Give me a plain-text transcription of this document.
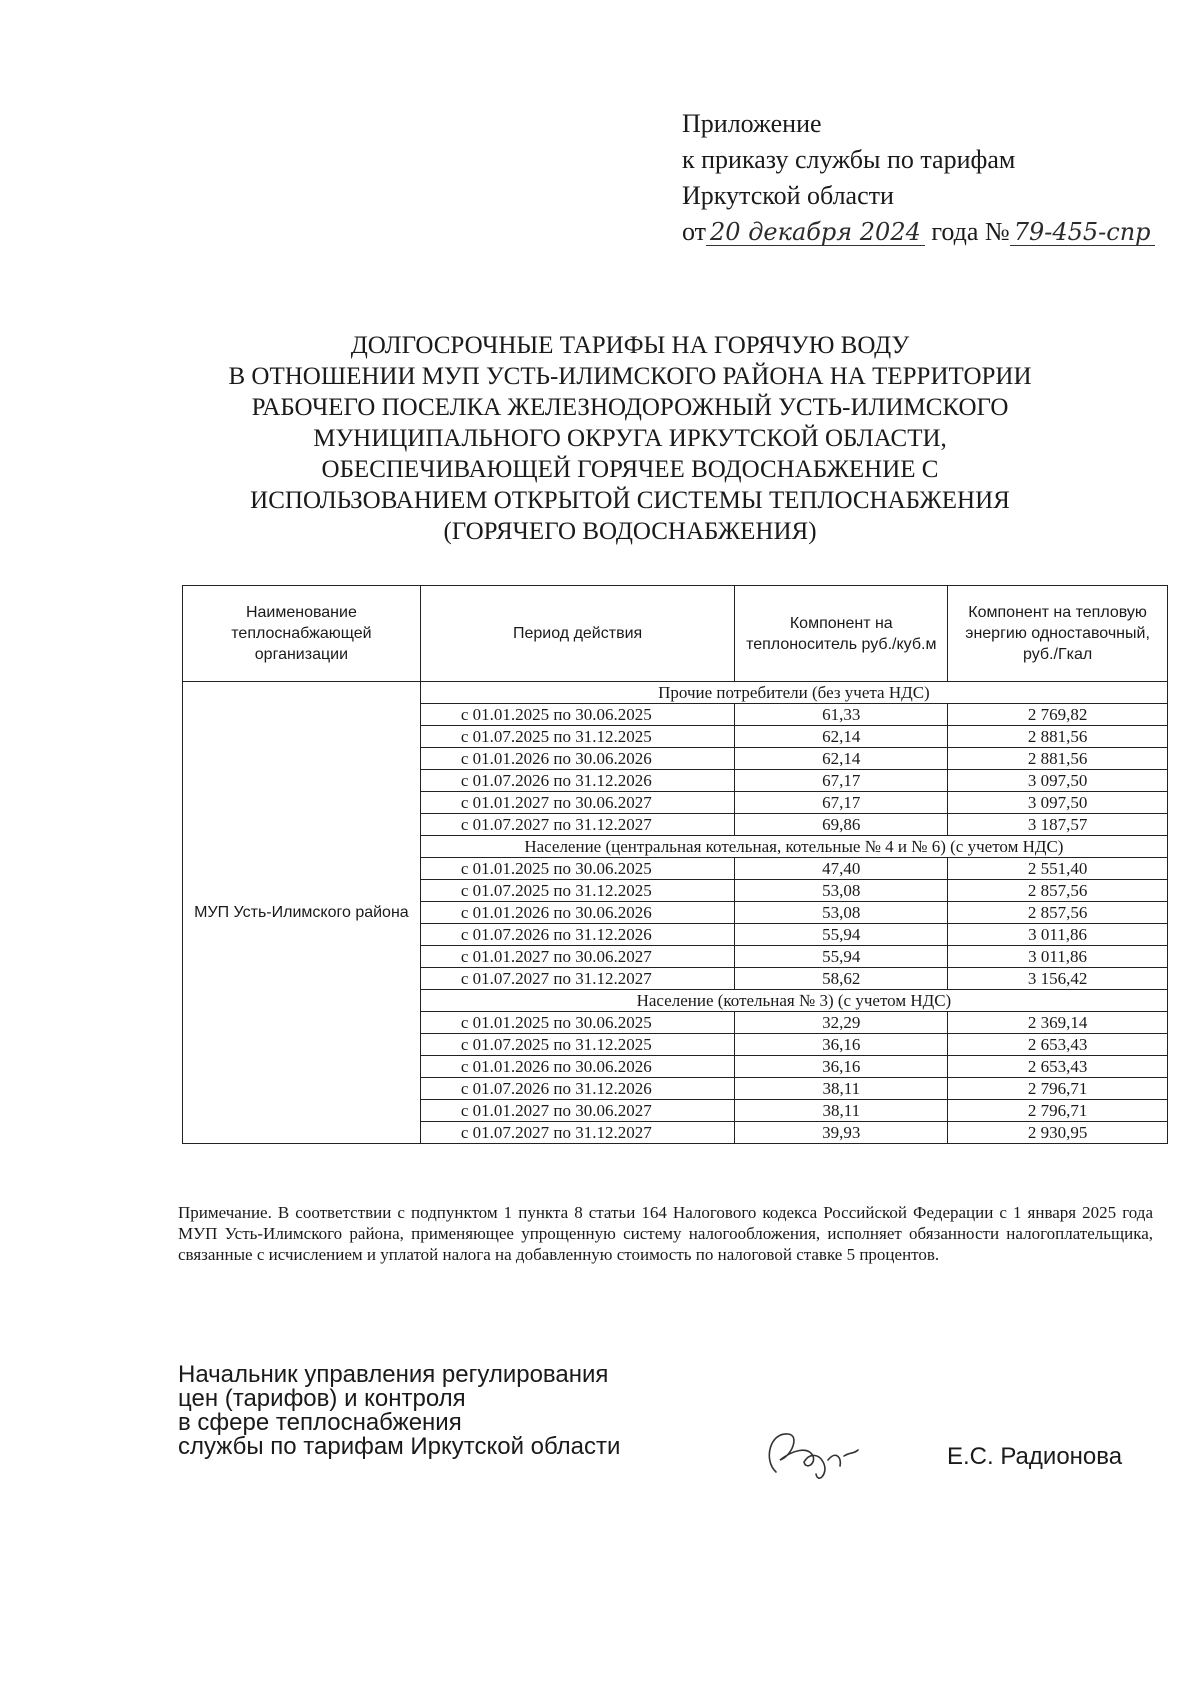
Приложение
к приказу службы по тарифам
Иркутской области
от 20 декабря 2024 года № 79-455-спр
ДОЛГОСРОЧНЫЕ ТАРИФЫ НА ГОРЯЧУЮ ВОДУ
В ОТНОШЕНИИ МУП УСТЬ-ИЛИМСКОГО РАЙОНА НА ТЕРРИТОРИИ
РАБОЧЕГО ПОСЕЛКА ЖЕЛЕЗНОДОРОЖНЫЙ УСТЬ-ИЛИМСКОГО
МУНИЦИПАЛЬНОГО ОКРУГА ИРКУТСКОЙ ОБЛАСТИ,
ОБЕСПЕЧИВАЮЩЕЙ ГОРЯЧЕЕ ВОДОСНАБЖЕНИЕ С
ИСПОЛЬЗОВАНИЕМ ОТКРЫТОЙ СИСТЕМЫ ТЕПЛОСНАБЖЕНИЯ
(ГОРЯЧЕГО ВОДОСНАБЖЕНИЯ)
Наименование теплоснабжающей организации	Период действия	Компонент на теплоноситель руб./куб.м	Компонент на тепловую энергию одноставочный, руб./Гкал
МУП Усть-Илимского района	Прочие потребители (без учета НДС)		
	с 01.01.2025 по 30.06.2025	61,33	2 769,82
	с 01.07.2025 по 31.12.2025	62,14	2 881,56
	с 01.01.2026 по 30.06.2026	62,14	2 881,56
	с 01.07.2026 по 31.12.2026	67,17	3 097,50
	с 01.01.2027 по 30.06.2027	67,17	3 097,50
	с 01.07.2027 по 31.12.2027	69,86	3 187,57
	Население (центральная котельная, котельные № 4 и № 6) (с учетом НДС)		
	с 01.01.2025 по 30.06.2025	47,40	2 551,40
	с 01.07.2025 по 31.12.2025	53,08	2 857,56
	с 01.01.2026 по 30.06.2026	53,08	2 857,56
	с 01.07.2026 по 31.12.2026	55,94	3 011,86
	с 01.01.2027 по 30.06.2027	55,94	3 011,86
	с 01.07.2027 по 31.12.2027	58,62	3 156,42
	Население (котельная № 3) (с учетом НДС)		
	с 01.01.2025 по 30.06.2025	32,29	2 369,14
	с 01.07.2025 по 31.12.2025	36,16	2 653,43
	с 01.01.2026 по 30.06.2026	36,16	2 653,43
	с 01.07.2026 по 31.12.2026	38,11	2 796,71
	с 01.01.2027 по 30.06.2027	38,11	2 796,71
	с 01.07.2027 по 31.12.2027	39,93	2 930,95
Примечание. В соответствии с подпунктом 1 пункта 8 статьи 164 Налогового кодекса Российской Федерации с 1 января 2025 года МУП Усть-Илимского района, применяющее упрощенную систему налогообложения, исполняет обязанности налогоплательщика, связанные с исчислением и уплатой налога на добавленную стоимость по налоговой ставке 5 процентов.
Начальник управления регулирования
цен (тарифов) и контроля
в сфере теплоснабжения
службы по тарифам Иркутской области	Е.С. Радионова
